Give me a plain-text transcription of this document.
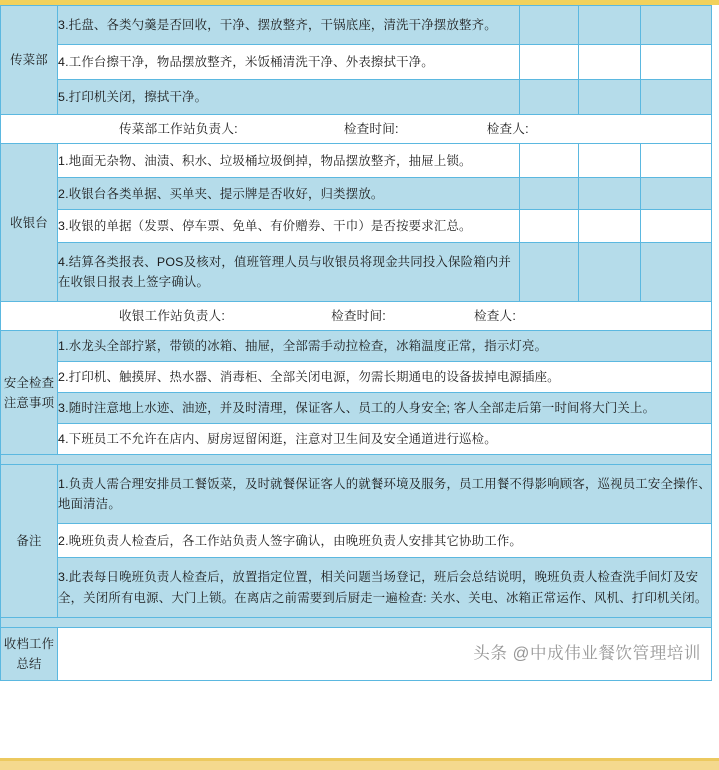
传菜部	3.托盘、各类勺羹是否回收，干净、摆放整齐，干锅底座，清洗干净摆放整齐。			
	4.工作台擦干净，物品摆放整齐，米饭桶清洗干净、外表擦拭干净。			
	5.打印机关闭，擦拭干净。			

传菜部工作站负责人: 检查时间: 检查人:				

收银台	1.地面无杂物、油渍、积水、垃圾桶垃圾倒掉，物品摆放整齐，抽屉上锁。			
	2.收银台各类单据、买单夹、提示牌是否收好，归类摆放。			
	3.收银的单据（发票、停车票、免单、有价赠券、干巾）是否按要求汇总。			
	4.结算各类报表、POS及核对，值班管理人员与收银员将现金共同投入保险箱内并在收银日报表上签字确认。			

收银工作站负责人: 检查时间: 检查人:				

安全检查注意事项	1.水龙头全部拧紧，带锁的冰箱、抽屉，全部需手动拉检查，冰箱温度正常，指示灯亮。			
	2.打印机、触摸屏、热水器、消毒柜、全部关闭电源，勿需长期通电的设备拔掉电源插座。			
	3.随时注意地上水迹、油迹，并及时清理，保证客人、员工的人身安全; 客人全部走后第一时间将大门关上。			
	4.下班员工不允许在店内、厨房逗留闲逛，注意对卫生间及安全通道进行巡检。			

备注	1.负责人需合理安排员工餐饭菜，及时就餐保证客人的就餐环境及服务，员工用餐不得影响顾客，巡视员工安全操作、地面清洁。			
	2.晚班负责人检查后，各工作站负责人签字确认，由晚班负责人安排其它协助工作。			
	3.此表每日晚班负责人检查后，放置指定位置，相关问题当场登记，班后会总结说明，晚班负责人检查洗手间灯及安全，关闭所有电源、大门上锁。在离店之前需要到后厨走一遍检查: 关水、关电、冰箱正常运作、风机、打印机关闭。			

收档工作总结	头条 @中成伟业餐饮管理培训			
